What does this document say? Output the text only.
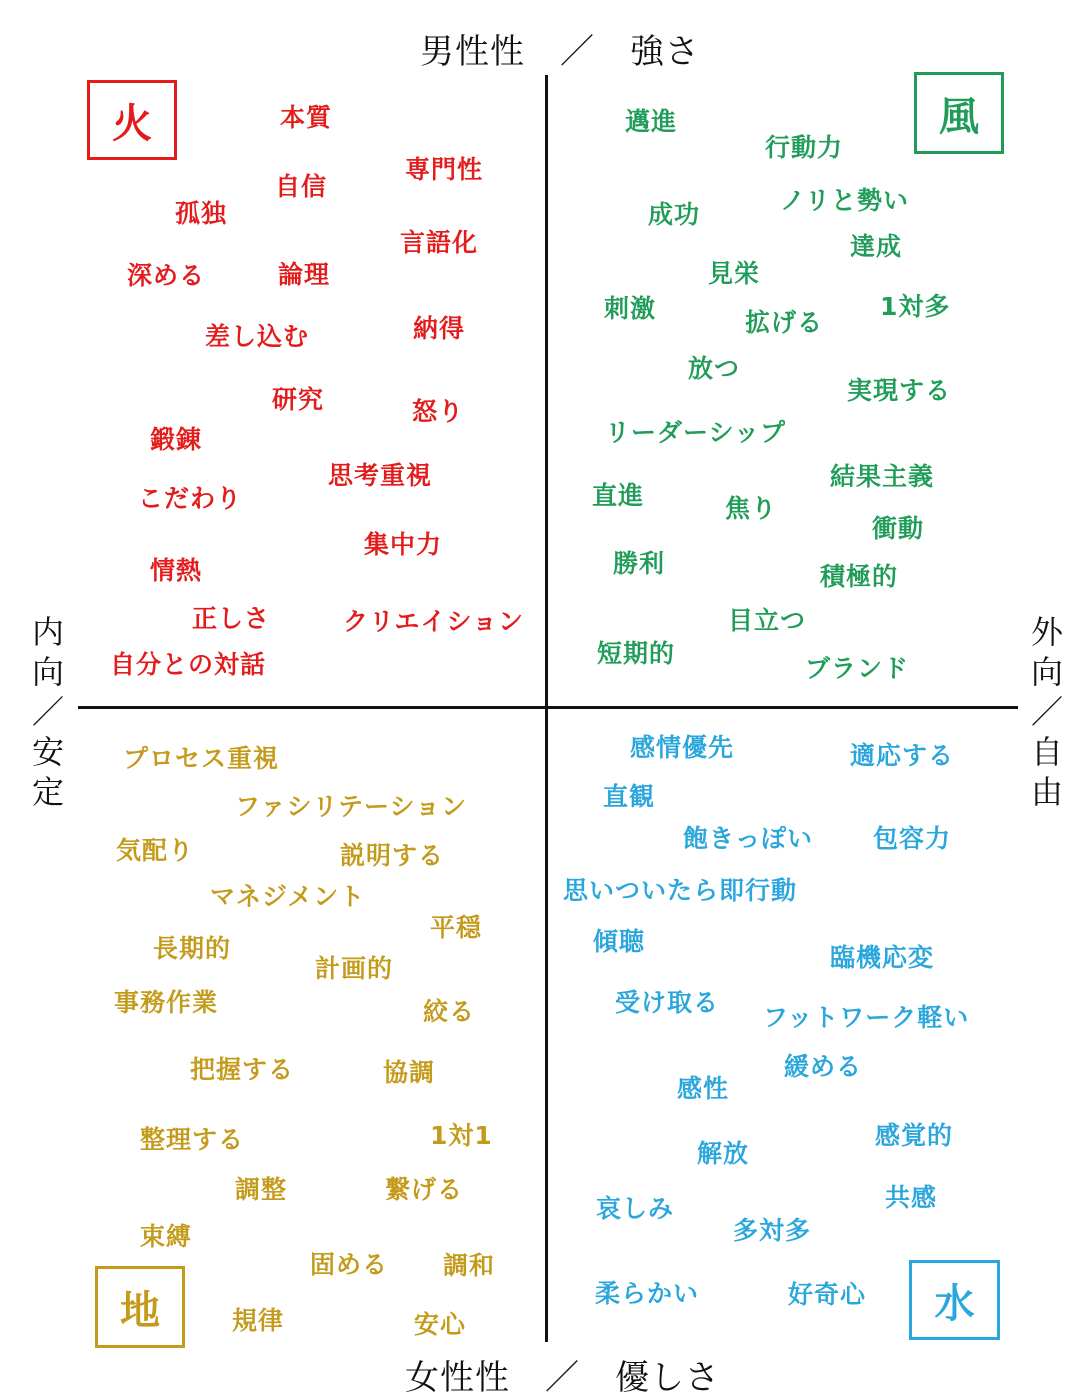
男性性　／　強さ
女性性　／　優しさ
内
向
／
安
定
外
向
／
自
由
火	風
地	水
本質
自信
専門性
孤独
言語化
深める	論理
差し込む	納得
研究	怒り
鍛錬
思考重視
こだわり
集中力
情熱
正しさ	クリエイション
自分との対話
邁進
行動力
成功	ノリと勢い
達成
見栄
刺激	拡げる
1対多
放つ
実現する
リーダーシップ
結果主義
直進	焦り
衝動
勝利	積極的
目立つ
短期的
ブランド
プロセス重視
ファシリテーション
気配り	説明する
マネジメント
平穏
長期的
計画的
事務作業	絞る
把握する	協調
整理する	1対1
調整	繋げる
束縛
固める 調和
規律	安心
感情優先	適応する
直観
飽きっぽい 包容力
思いついたら即行動
傾聴
臨機応変
受け取る
フットワーク軽い
緩める
感性
解放
感覚的
哀しみ	共感
多対多
柔らかい	好奇心
